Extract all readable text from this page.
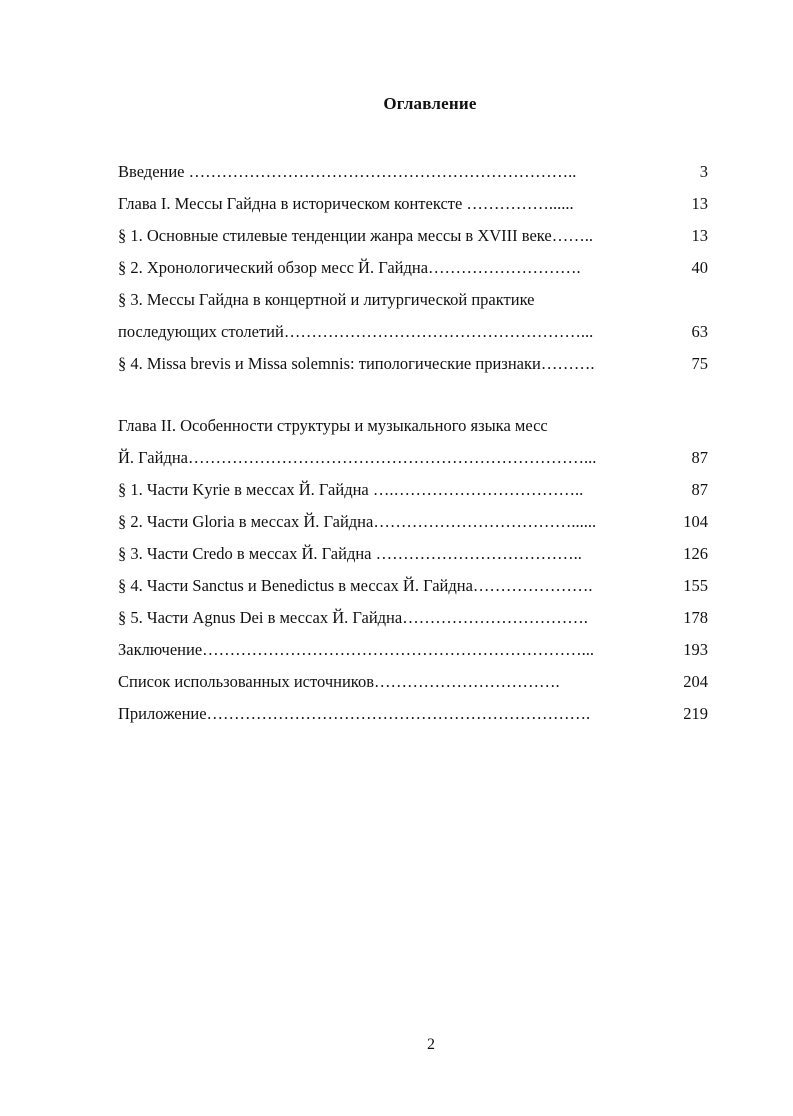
Оглавление
Введение ……………………………………………………………..	3
Глава I. Мессы Гайдна в историческом контексте ……………......	13
§ 1. Основные стилевые тенденции жанра мессы в XVIII веке……..	13
§ 2. Хронологический обзор месс Й. Гайдна……………………….	40
§ 3. Мессы Гайдна в концертной и литургической практике
последующих столетий………………………………………………...	63
§ 4. Missa brevis и Missa solemnis: типологические признаки……….	75
Глава II. Особенности структуры и музыкального языка месс
Й. Гайдна………………………………………………………………...	87
§ 1. Части Kyrie в мессах Й. Гайдна ….……………………………..	87
§ 2. Части Gloria в мессах Й. Гайдна………………………………......	104
§ 3. Части Credo в мессах Й. Гайдна ………………………………..	126
§ 4. Части Sanctus и Benedictus в мессах Й. Гайдна………………….	155
§ 5. Части Agnus Dei в мессах Й. Гайдна…………………………….	178
Заключение……………………………………………………………...	193
Список использованных источников…………………………….	204
Приложение…………………………………………………………….	219
2
